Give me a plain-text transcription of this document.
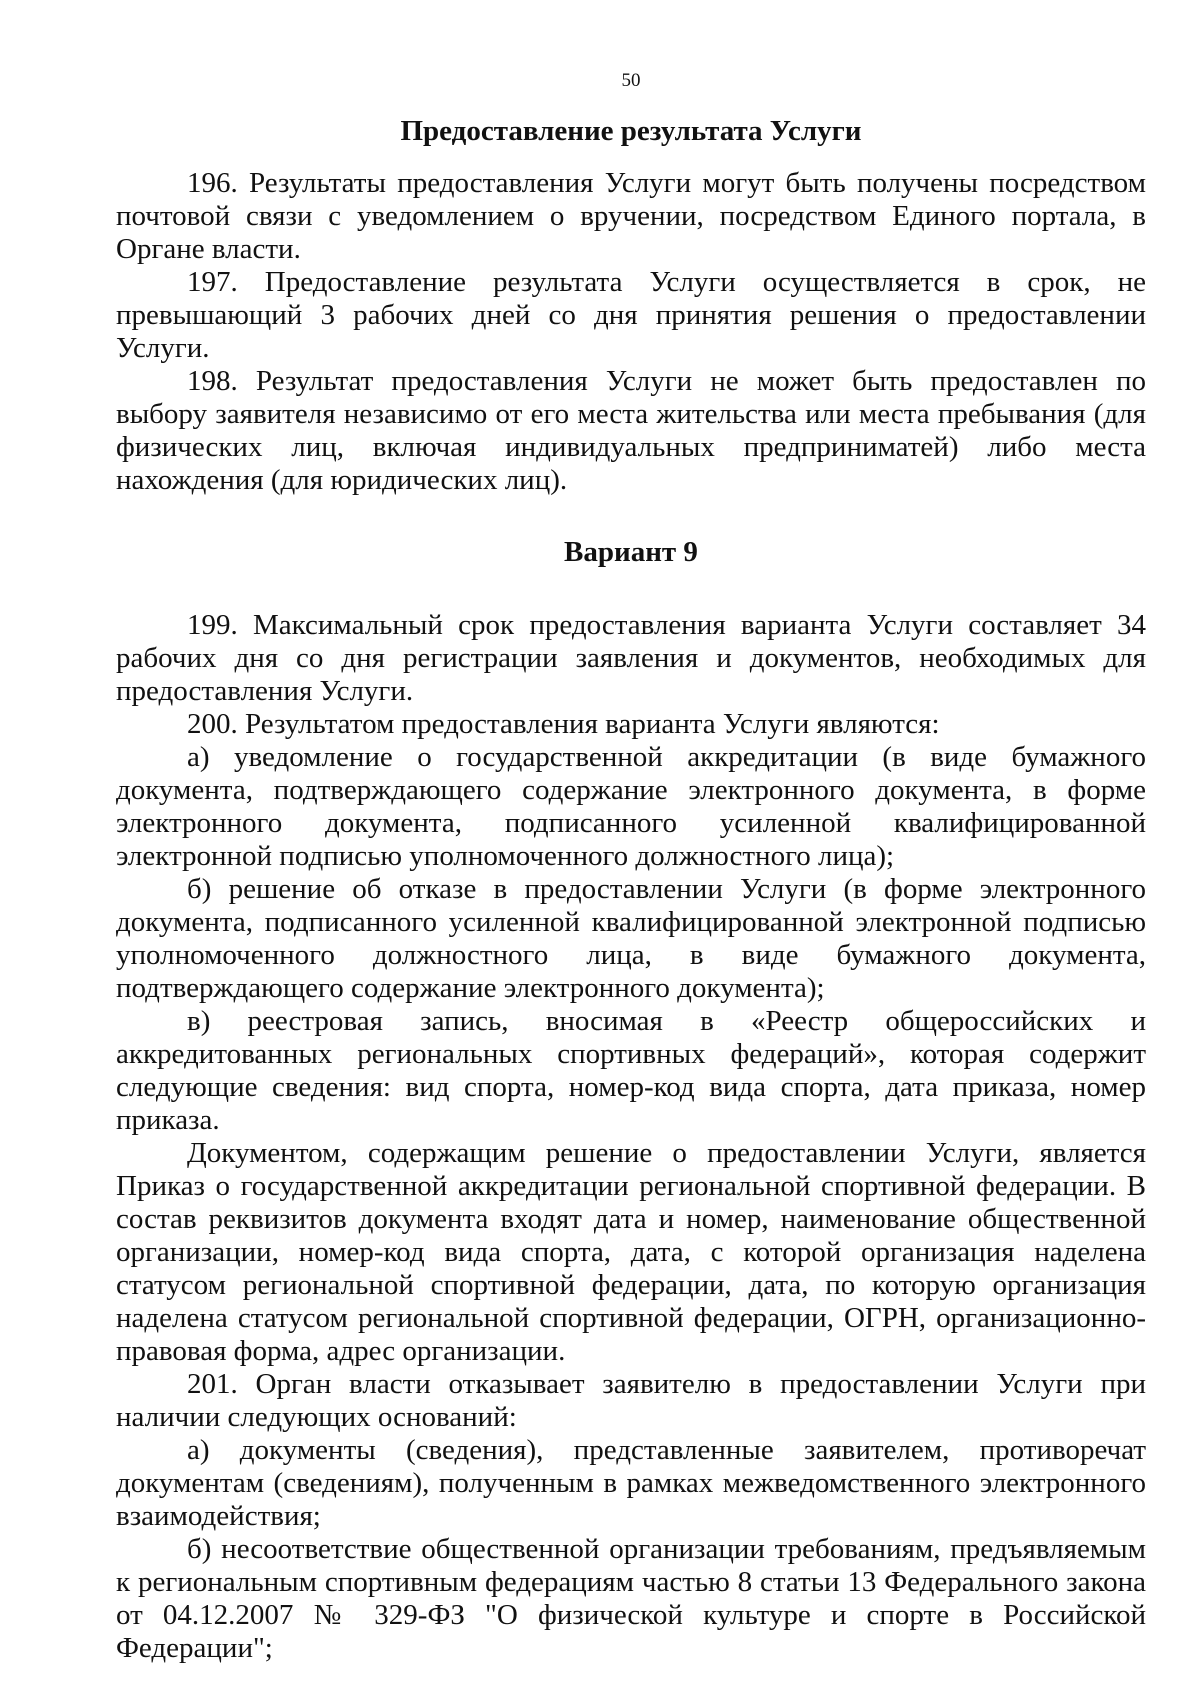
50
Предоставление результата Услуги

196. Результаты предоставления Услуги могут быть получены посредством почтовой связи с уведомлением о вручении, посредством Единого портала, в Органе власти.

197. Предоставление результата Услуги осуществляется в срок, не превышающий 3 рабочих дней со дня принятия решения о предоставлении Услуги.

198. Результат предоставления Услуги не может быть предоставлен по выбору заявителя независимо от его места жительства или места пребывания (для физических лиц, включая индивидуальных предприниматей) либо места нахождения (для юридических лиц).

Вариант 9

199. Максимальный срок предоставления варианта Услуги составляет 34 рабочих дня со дня регистрации заявления и документов, необходимых для предоставления Услуги.

200. Результатом предоставления варианта Услуги являются:

а) уведомление о государственной аккредитации (в виде бумажного документа, подтверждающего содержание электронного документа, в форме электронного документа, подписанного усиленной квалифицированной электронной подписью уполномоченного должностного лица);

б) решение об отказе в предоставлении Услуги (в форме электронного документа, подписанного усиленной квалифицированной электронной подписью уполномоченного должностного лица, в виде бумажного документа, подтверждающего содержание электронного документа);

в) реестровая запись, вносимая в «Реестр общероссийских и аккредитованных региональных спортивных федераций», которая содержит следующие сведения: вид спорта, номер-код вида спорта, дата приказа, номер приказа.

Документом, содержащим решение о предоставлении Услуги, является Приказ о государственной аккредитации региональной спортивной федерации. В состав реквизитов документа входят дата и номер, наименование общественной организации, номер-код вида спорта, дата, с которой организация наделена статусом региональной спортивной федерации, дата, по которую организация наделена статусом региональной спортивной федерации, ОГРН, организационно-правовая форма, адрес организации.

201. Орган власти отказывает заявителю в предоставлении Услуги при наличии следующих оснований:

а) документы (сведения), представленные заявителем, противоречат документам (сведениям), полученным в рамках межведомственного электронного взаимодействия;

б) несоответствие общественной организации требованиям, предъявляемым к региональным спортивным федерациям частью 8 статьи 13 Федерального закона от 04.12.2007 № 329-ФЗ "О физической культуре и спорте в Российской Федерации";
